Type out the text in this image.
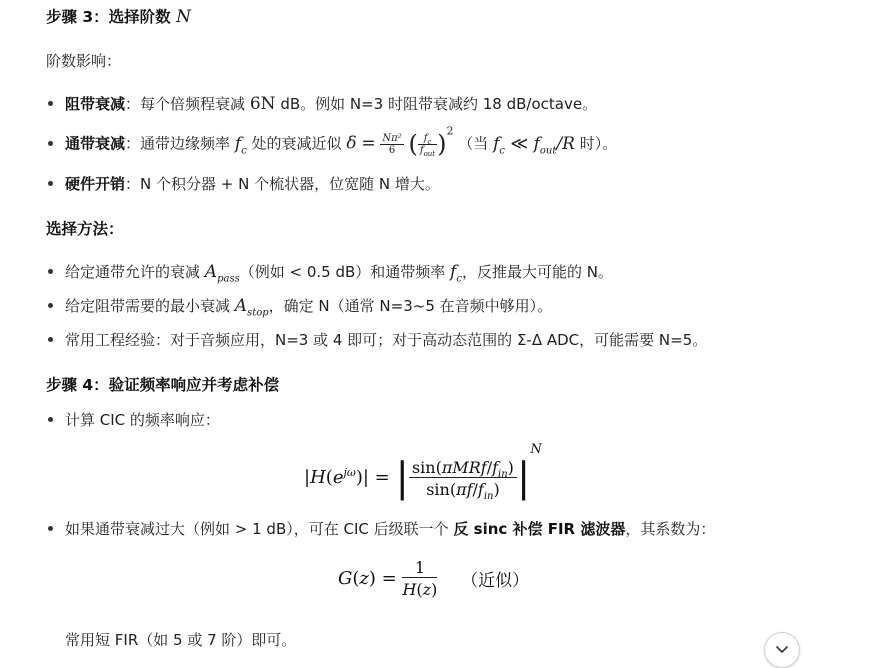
步骤 3：选择阶数 N
阶数影响：
阻带衰减：每个倍频程衰减 6N dB。例如 N=3 时阻带衰减约 18 dB/octave。
通带衰减：通带边缘频率 $f_c$ 处的衰减近似 $\delta = \frac{\text{Nπ²}}{6}$ ( $\frac{f_c}{f_{out}} )^2$ （当 $f_c$ ≪ $f_{out}/R$ 时）。
硬件开销：N 个积分器 + N 个梳状器，位宽随 N 增大。
选择方法：
给定通带允许的衰减 $A_{pass}$（例如 < 0.5 dB）和通带频率 $f_c$，反推最大可能的 N。
给定阻带需要的最小衰减 $A_{stop}$，确定 N（通常 N=3~5 在音频中够用）。
常用工程经验：对于音频应用，N=3 或 4 即可；对于高动态范围的 Σ-Δ ADC，可能需要 N=5。
步骤 4：验证频率响应并考虑补偿
计算 CIC 的频率响应：
$|H(e^{j\omega})|$ = | $\sin(\pi MRf/f_{in})$
$\sin(\pi f/f_{in})$ $|^N$
如果通带衰减过大（例如 > 1 dB），可在 CIC 后级联一个 反 sinc 补偿 FIR 滤波器，其系数为：
$G(z) = \frac{1}{H(z)}$ （近似）
常用短 FIR（如 5 或 7 阶）即可。
